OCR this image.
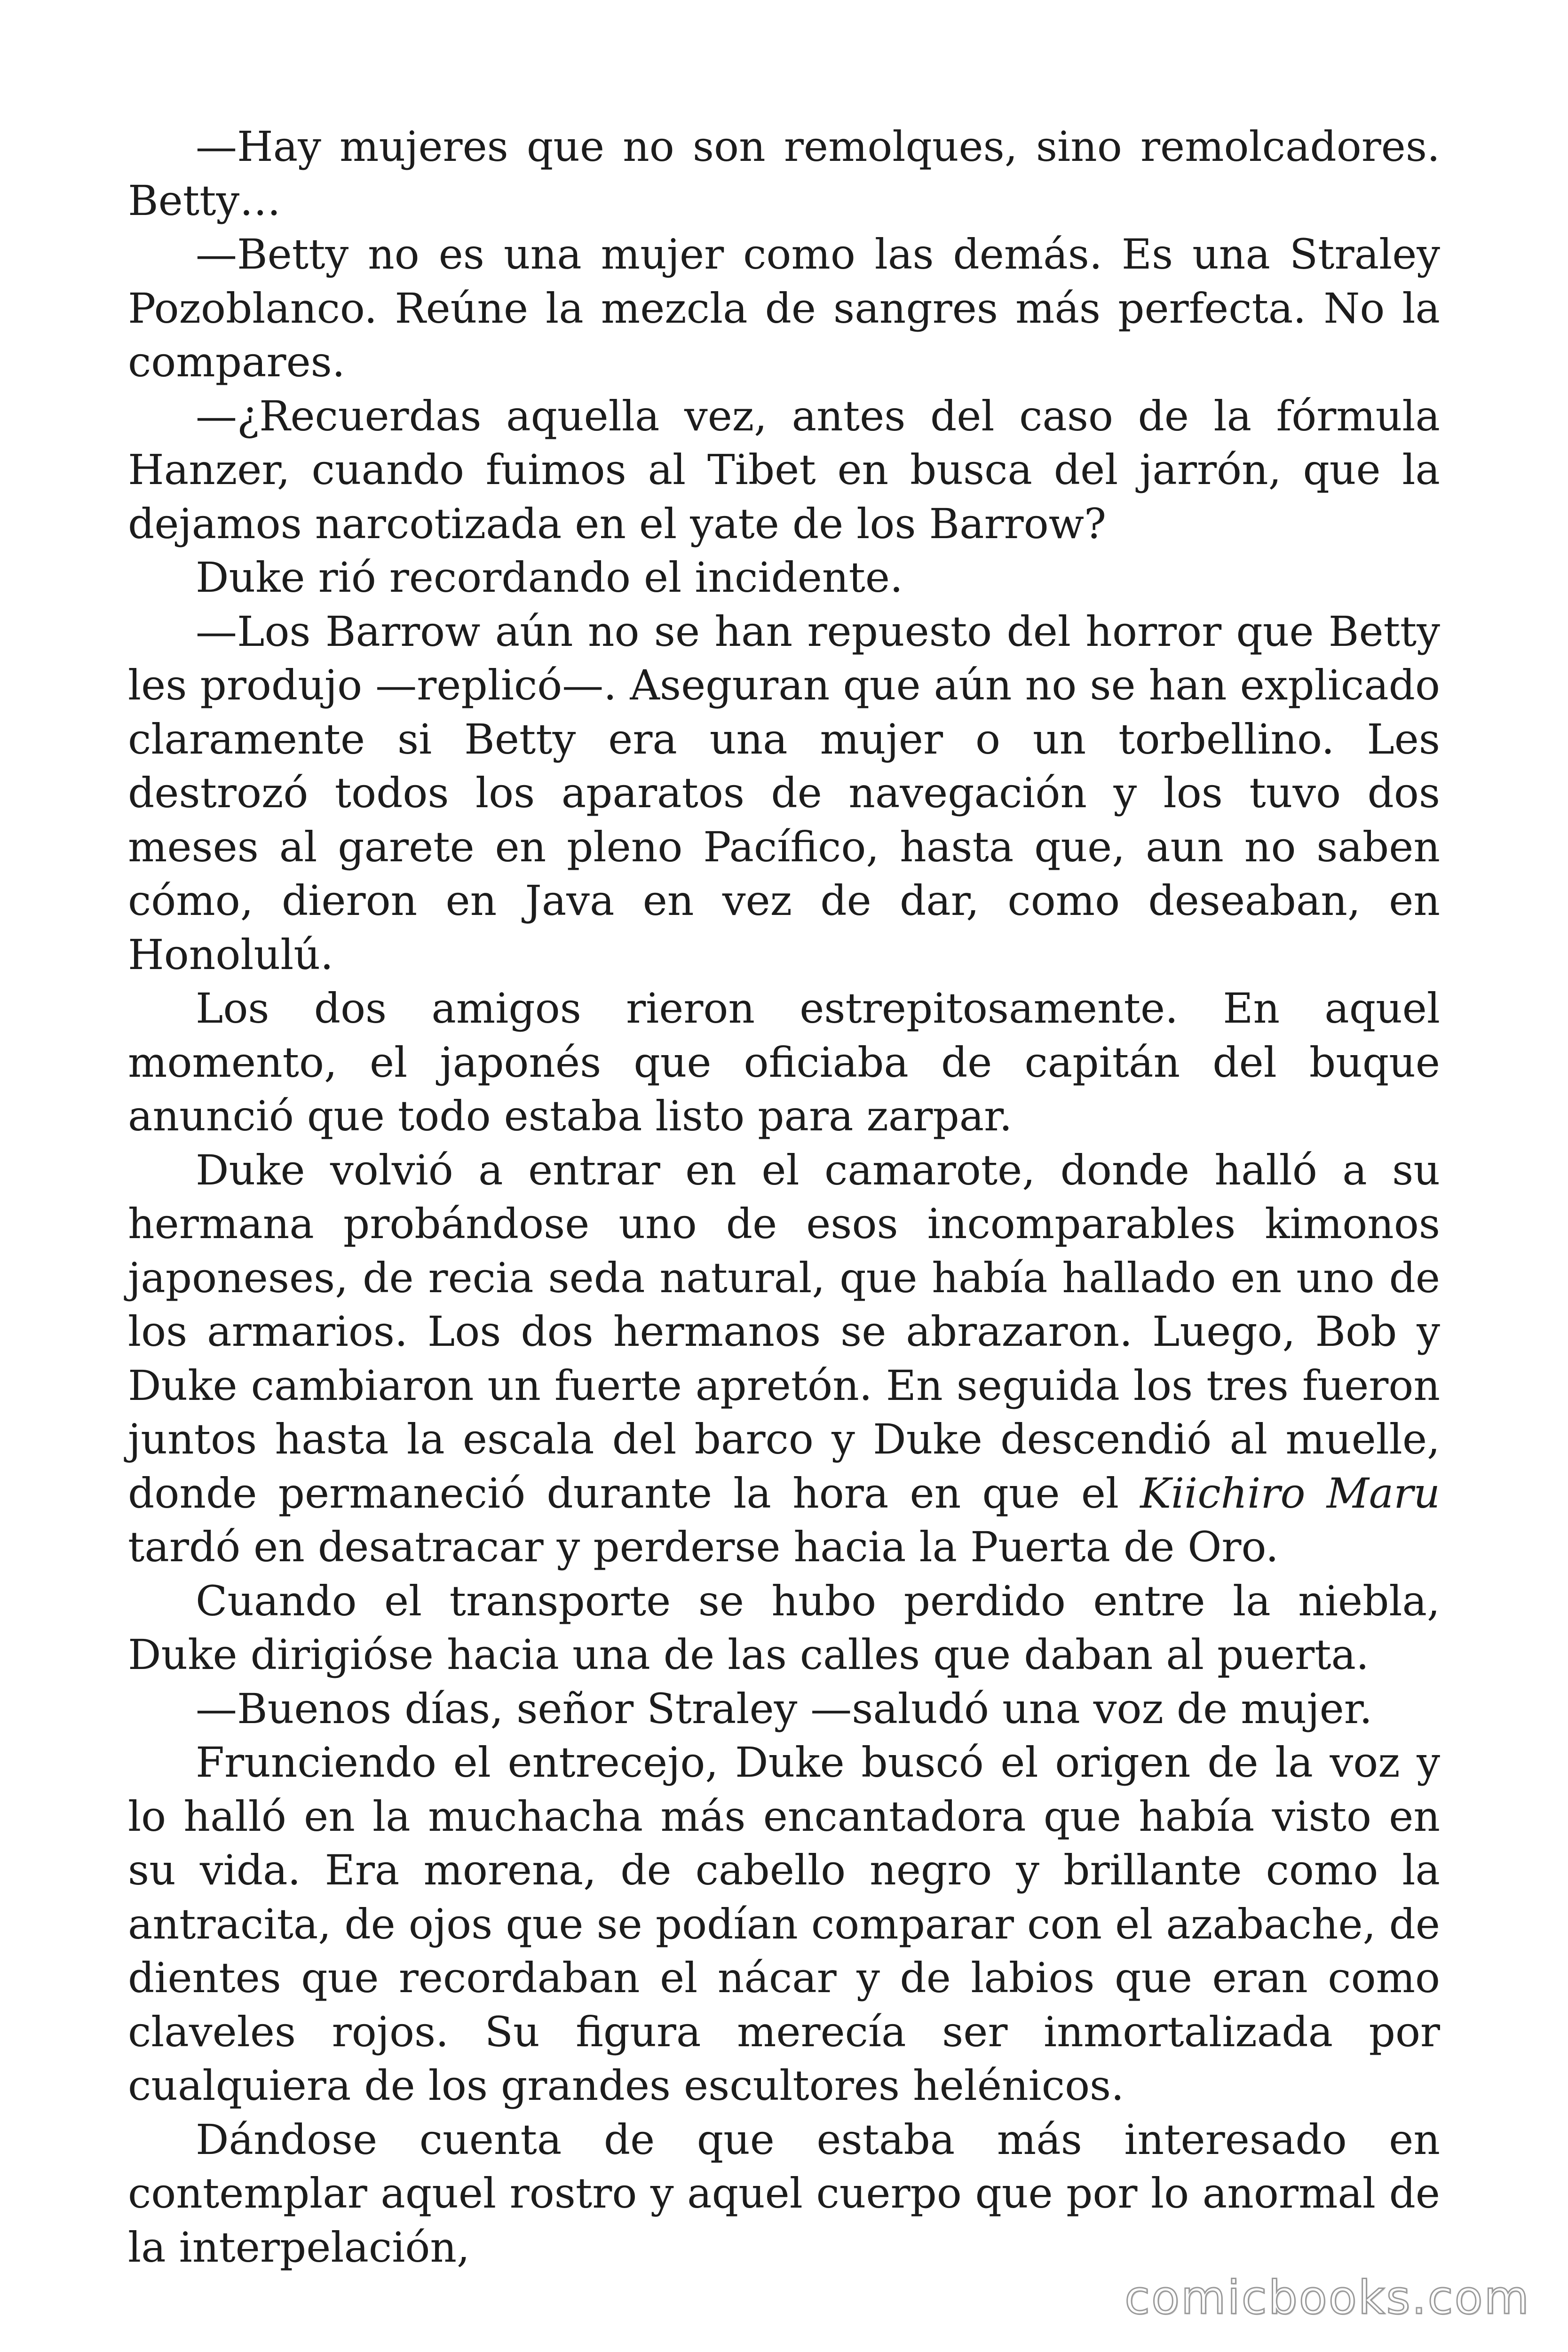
—Hay mujeres que no son remolques, sino remolcadores. Betty…

—Betty no es una mujer como las demás. Es una Straley Pozoblanco. Reúne la mezcla de sangres más perfecta. No la compares.

—¿Recuerdas aquella vez, antes del caso de la fórmula Hanzer, cuando fuimos al Tibet en busca del jarrón, que la dejamos narcotizada en el yate de los Barrow?

Duke rió recordando el incidente.

—Los Barrow aún no se han repuesto del horror que Betty les produjo —replicó—. Aseguran que aún no se han explicado claramente si Betty era una mujer o un torbellino. Les destrozó todos los aparatos de navegación y los tuvo dos meses al garete en pleno Pacífico, hasta que, aun no saben cómo, dieron en Java en vez de dar, como deseaban, en Honolulú.

Los dos amigos rieron estrepitosamente. En aquel momento, el japonés que oficiaba de capitán del buque anunció que todo estaba listo para zarpar.

Duke volvió a entrar en el camarote, donde halló a su hermana probándose uno de esos incomparables kimonos japoneses, de recia seda natural, que había hallado en uno de los armarios. Los dos hermanos se abrazaron. Luego, Bob y Duke cambiaron un fuerte apretón. En seguida los tres fueron juntos hasta la escala del barco y Duke descendió al muelle, donde permaneció durante la hora en que el Kiichiro Maru tardó en desatracar y perderse hacia la Puerta de Oro.

Cuando el transporte se hubo perdido entre la niebla, Duke dirigióse hacia una de las calles que daban al puerta.

—Buenos días, señor Straley —saludó una voz de mujer.

Frunciendo el entrecejo, Duke buscó el origen de la voz y lo halló en la muchacha más encantadora que había visto en su vida. Era morena, de cabello negro y brillante como la antracita, de ojos que se podían comparar con el azabache, de dientes que recordaban el nácar y de labios que eran como claveles rojos. Su figura merecía ser inmortalizada por cualquiera de los grandes escultores helénicos.

Dándose cuenta de que estaba más interesado en contemplar aquel rostro y aquel cuerpo que por lo anormal de la interpelación,

comicbooks.com
